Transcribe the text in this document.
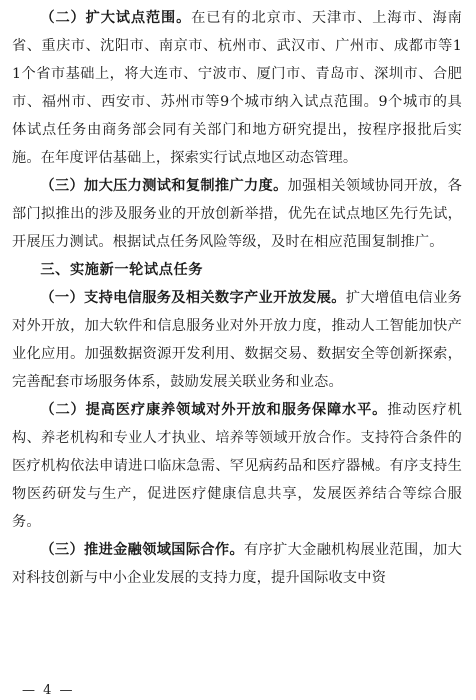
（二）扩大试点范围。在已有的北京市、天津市、上海市、海南省、重庆市、沈阳市、南京市、杭州市、武汉市、广州市、成都市等11个省市基础上，将大连市、宁波市、厦门市、青岛市、深圳市、合肥市、福州市、西安市、苏州市等9个城市纳入试点范围。9个城市的具体试点任务由商务部会同有关部门和地方研究提出，按程序报批后实施。在年度评估基础上，探索实行试点地区动态管理。

（三）加大压力测试和复制推广力度。加强相关领域协同开放，各部门拟推出的涉及服务业的开放创新举措，优先在试点地区先行先试，开展压力测试。根据试点任务风险等级，及时在相应范围复制推广。

三、实施新一轮试点任务

（一）支持电信服务及相关数字产业开放发展。扩大增值电信业务对外开放，加大软件和信息服务业对外开放力度，推动人工智能加快产业化应用。加强数据资源开发利用、数据交易、数据安全等创新探索，完善配套市场服务体系，鼓励发展关联业务和业态。

（二）提高医疗康养领域对外开放和服务保障水平。推动医疗机构、养老机构和专业人才执业、培养等领域开放合作。支持符合条件的医疗机构依法申请进口临床急需、罕见病药品和医疗器械。有序支持生物医药研发与生产，促进医疗健康信息共享，发展医养结合等综合服务。

（三）推进金融领域国际合作。有序扩大金融机构展业范围，加大对科技创新与中小企业发展的支持力度，提升国际收支中资

— 4 —
